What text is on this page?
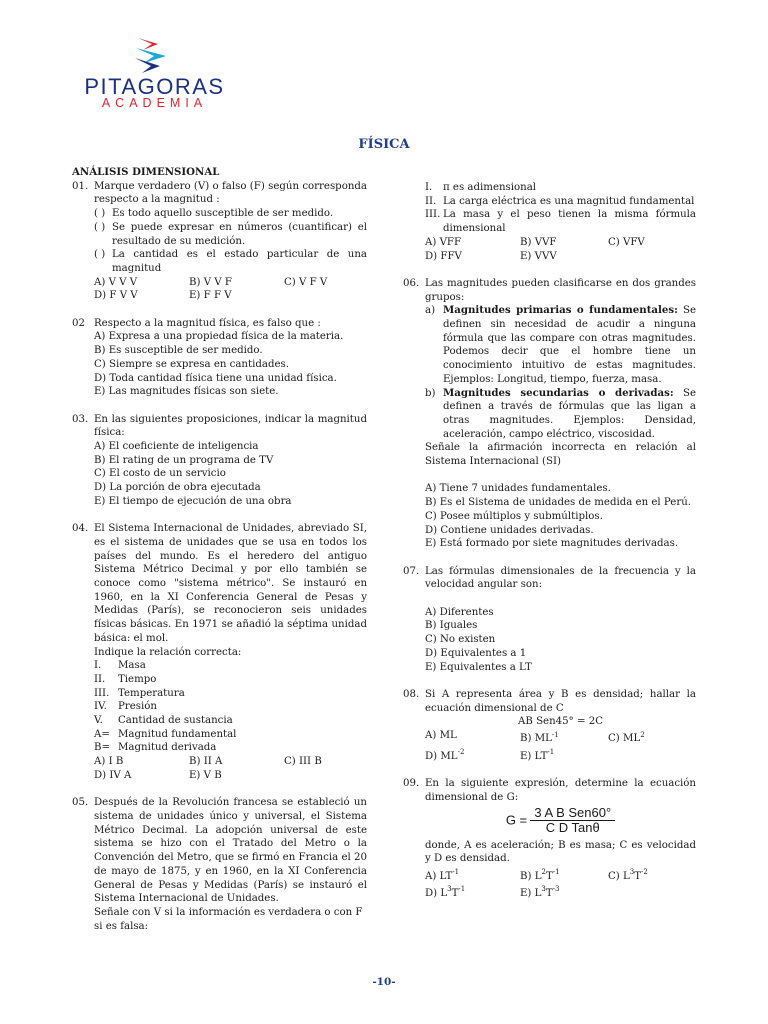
PITAGORAS
ACADEMIA
FÍSICA
ANÁLISIS DIMENSIONAL
01. Marque verdadero (V) o falso (F) según corresponda respecto a la magnitud :
( ) Es todo aquello susceptible de ser medido.
( ) Se puede expresar en números (cuantificar) el resultado de su medición.
( ) La cantidad es el estado particular de una magnitud
A) V V V	B) V V F	C) V F V
D) F V V	E) F F V
02 Respecto a la magnitud física, es falso que :
A) Expresa a una propiedad física de la materia.
B) Es susceptible de ser medido.
C) Siempre se expresa en cantidades.
D) Toda cantidad física tiene una unidad física.
E) Las magnitudes físicas son siete.
03. En las siguientes proposiciones, indicar la magnitud física:
A) El coeficiente de inteligencia
B) El rating de un programa de TV
C) El costo de un servicio
D) La porción de obra ejecutada
E) El tiempo de ejecución de una obra
04. El Sistema Internacional de Unidades, abreviado SI, es el sistema de unidades que se usa en todos los países del mundo. Es el heredero del antiguo Sistema Métrico Decimal y por ello también se conoce como "sistema métrico". Se instauró en 1960, en la XI Conferencia General de Pesas y Medidas (París), se reconocieron seis unidades físicas básicas. En 1971 se añadió la séptima unidad básica: el mol.
Indique la relación correcta:
I.	Masa
II.	Tiempo
III. Temperatura
IV.	Presión
V.	Cantidad de sustancia
A= Magnitud fundamental
B= Magnitud derivada
A) I B	B) II A	C) III B
D) IV A	E) V B
05. Después de la Revolución francesa se estableció un sistema de unidades único y universal, el Sistema Métrico Decimal. La adopción universal de este sistema se hizo con el Tratado del Metro o la Convención del Metro, que se firmó en Francia el 20 de mayo de 1875, y en 1960, en la XI Conferencia General de Pesas y Medidas (París) se instauró el Sistema Internacional de Unidades.
Señale con V si la información es verdadera o con F si es falsa:
I.	π es adimensional
II. La carga eléctrica es una magnitud fundamental
III. La masa y el peso tienen la misma fórmula dimensional
A) VFF	B) VVF	C) VFV
D) FFV	E) VVV
06. Las magnitudes pueden clasificarse en dos grandes grupos:
a) Magnitudes primarias o fundamentales: Se definen sin necesidad de acudir a ninguna fórmula que las compare con otras magnitudes. Podemos decir que el hombre tiene un conocimiento intuitivo de estas magnitudes. Ejemplos: Longitud, tiempo, fuerza, masa.
b) Magnitudes secundarias o derivadas: Se definen a través de fórmulas que las ligan a otras magnitudes. Ejemplos: Densidad, aceleración, campo eléctrico, viscosidad.
Señale la afirmación incorrecta en relación al Sistema Internacional (SI)
A) Tiene 7 unidades fundamentales.
B) Es el Sistema de unidades de medida en el Perú.
C) Posee múltiplos y submúltiplos.
D) Contiene unidades derivadas.
E) Está formado por siete magnitudes derivadas.
07. Las fórmulas dimensionales de la frecuencia y la velocidad angular son:
A) Diferentes
B) Iguales
C) No existen
D) Equivalentes a 1
E) Equivalentes a LT
08. Si A representa área y B es densidad; hallar la ecuación dimensional de C
AB Sen45° = 2C
A) ML	B) ML-1	C) ML2
D) ML-2	E) LT-1
09. En la siguiente expresión, determine la ecuación dimensional de G:
$G = \frac{\text{3 A B Sen60°}}{\text{C D Tanθ}}$
donde, A es aceleración; B es masa; C es velocidad y D es densidad.
A) LT-1	B) L2T-1	C) L3T-2
D) L3T-1	E) L3T-3
-10-
